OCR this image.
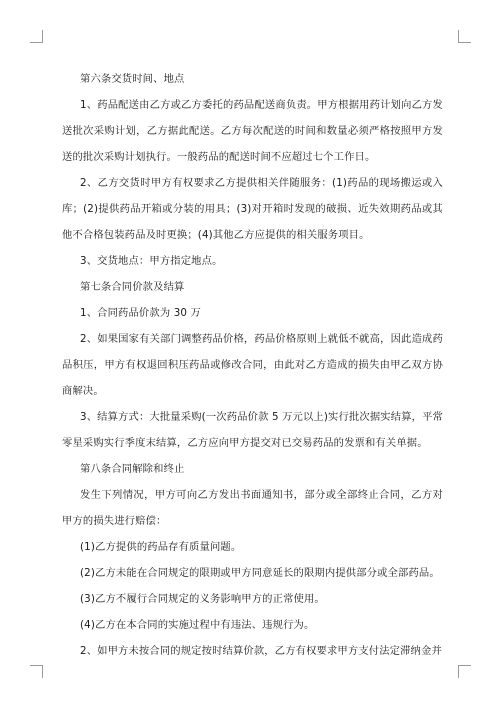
第六条交货时间、地点

1、药品配送由乙方或乙方委托的药品配送商负责。甲方根据用药计划向乙方发送批次采购计划，乙方据此配送。乙方每次配送的时间和数量必须严格按照甲方发送的批次采购计划执行。一般药品的配送时间不应超过七个工作日。

2、乙方交货时甲方有权要求乙方提供相关伴随服务：(1)药品的现场搬运或入库；(2)提供药品开箱或分装的用具；(3)对开箱时发现的破损、近失效期药品或其他不合格包装药品及时更换；(4)其他乙方应提供的相关服务项目。

3、交货地点：甲方指定地点。

第七条合同价款及结算

1、合同药品价款为 30 万

2、如果国家有关部门调整药品价格，药品价格原则上就低不就高，因此造成药品积压，甲方有权退回积压药品或修改合同，由此对乙方造成的损失由甲乙双方协商解决。

3、结算方式：大批量采购(一次药品价款 5 万元以上)实行批次据实结算，平常零星采购实行季度末结算，乙方应向甲方提交对已交易药品的发票和有关单据。

第八条合同解除和终止

发生下列情况，甲方可向乙方发出书面通知书，部分或全部终止合同，乙方对甲方的损失进行赔偿：

(1)乙方提供的药品存有质量问题。

(2)乙方未能在合同规定的限期或甲方同意延长的限期内提供部分或全部药品。

(3)乙方不履行合同规定的义务影响甲方的正常使用。

(4)乙方在本合同的实施过程中有违法、违规行为。

2、如甲方未按合同的规定按时结算价款，乙方有权要求甲方支付法定滞纳金并
